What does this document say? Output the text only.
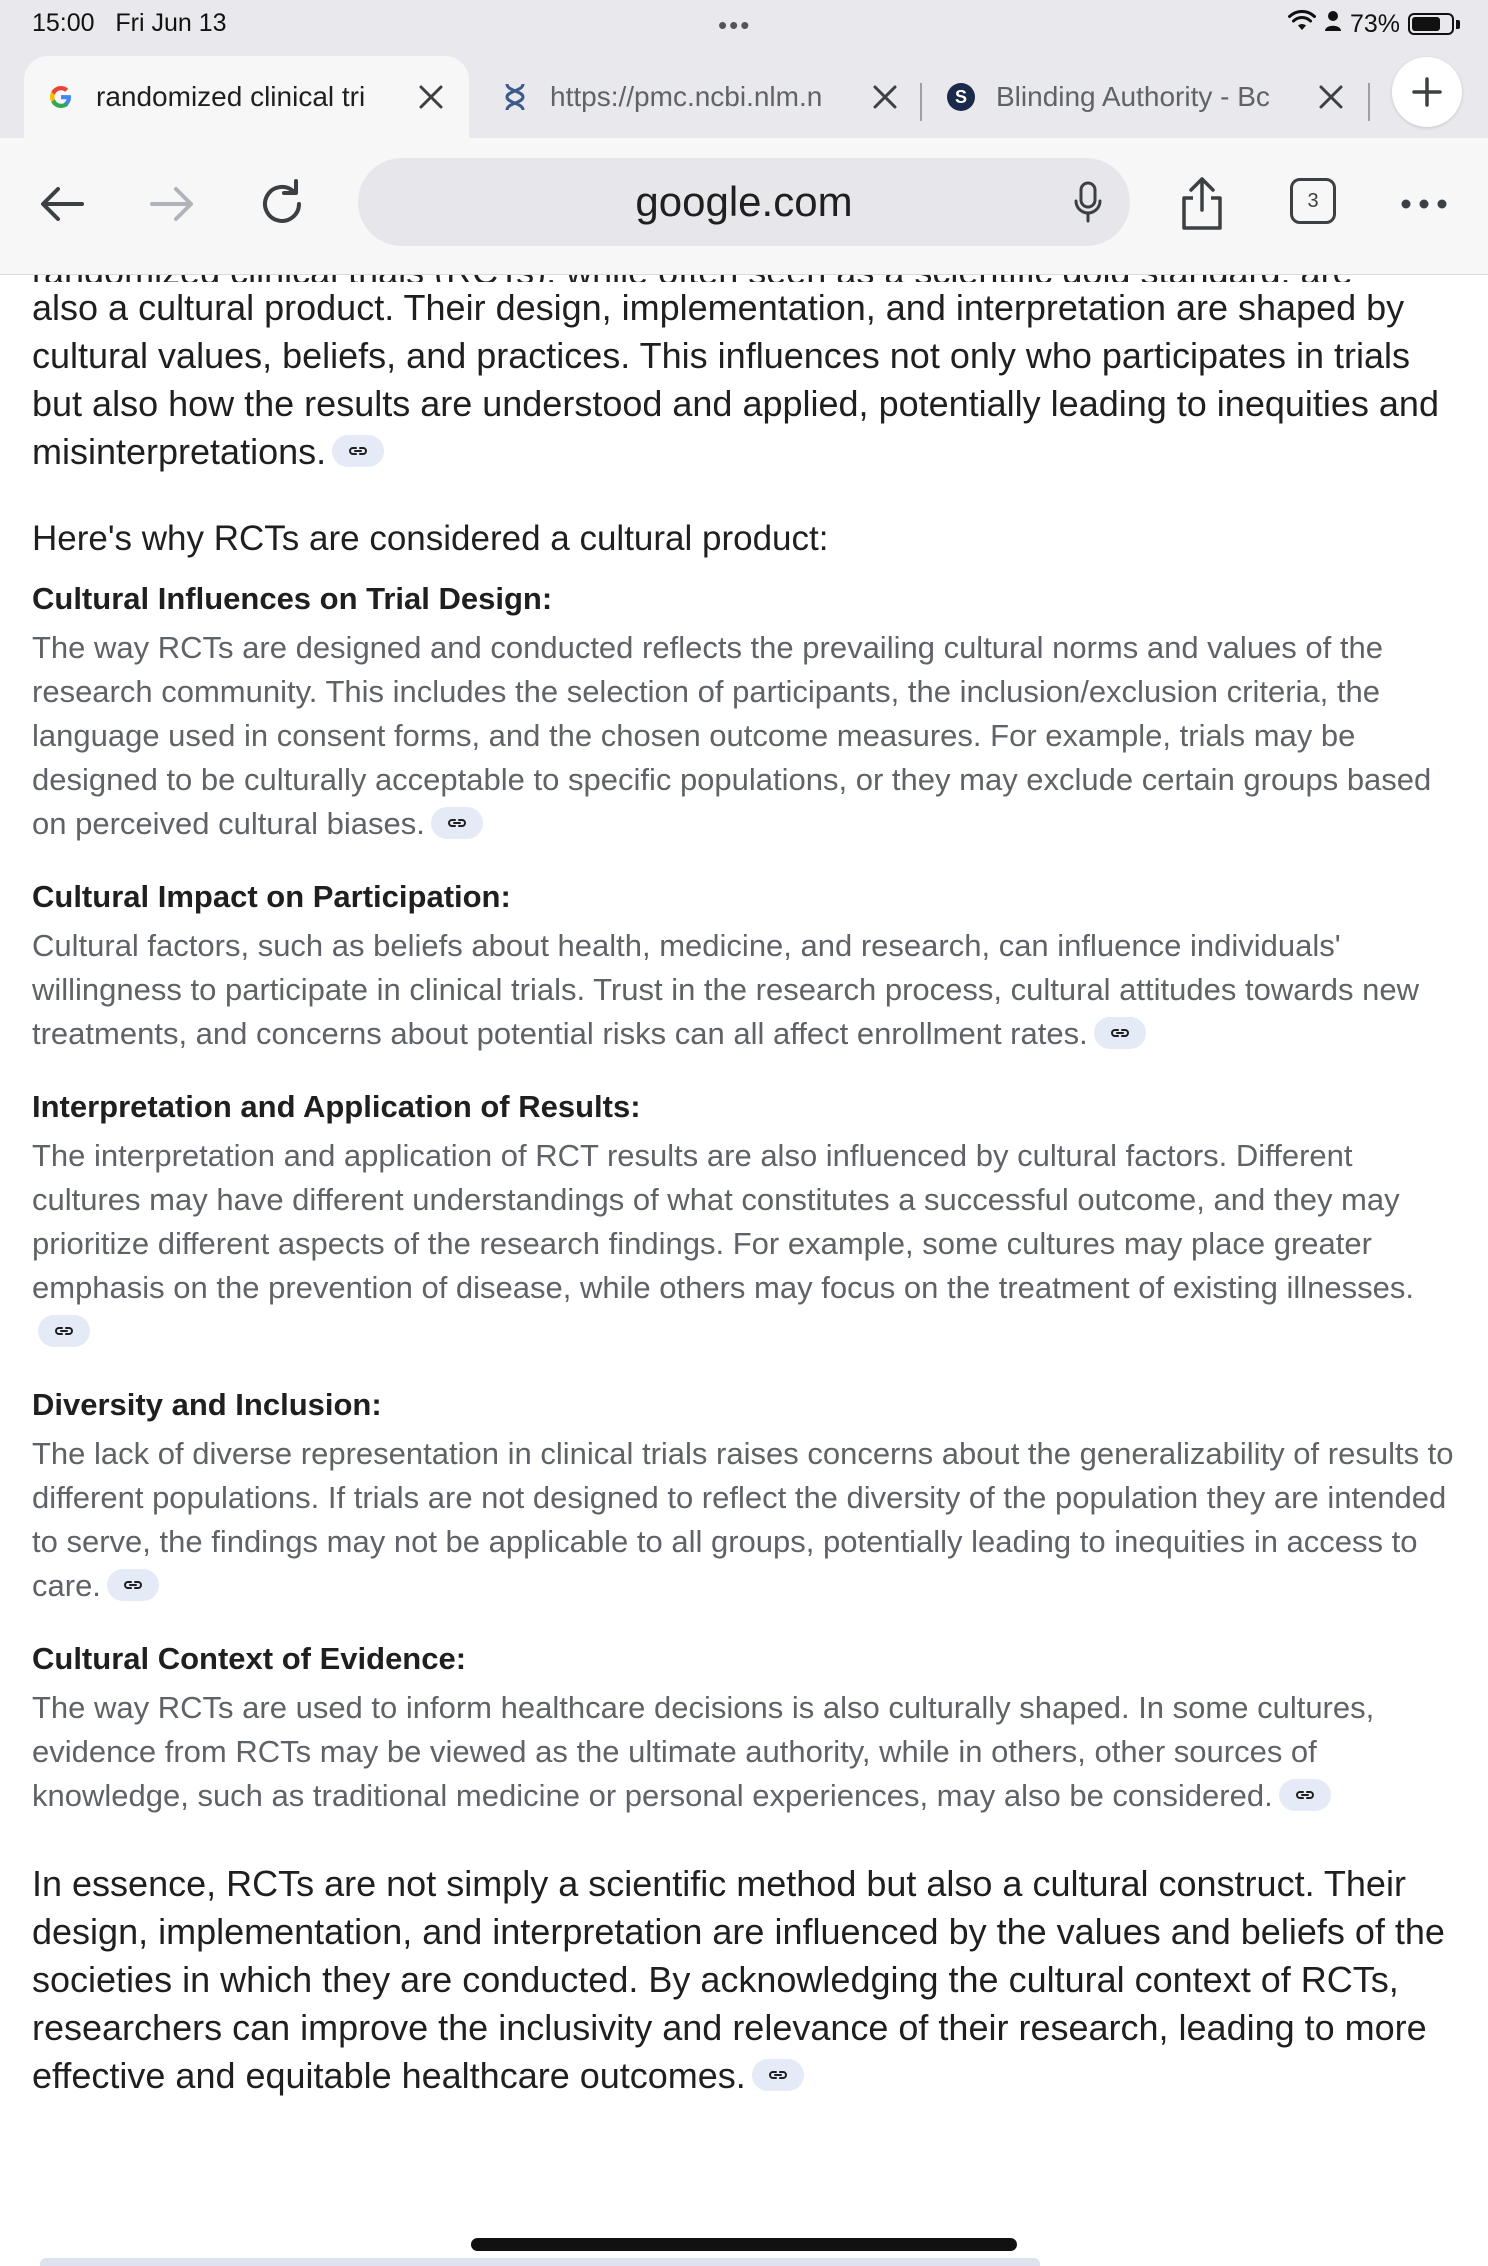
15:00 Fri Jun 13	•••	73%
randomized clinical tri	https://pmc.ncbi.nlm.n	S Blinding Authority - Bc
google.com	3

also a cultural product. Their design, implementation, and interpretation are shaped by cultural values, beliefs, and practices. This influences not only who participates in trials but also how the results are understood and applied, potentially leading to inequities and misinterpretations.

Here's why RCTs are considered a cultural product:
Cultural Influences on Trial Design:

The way RCTs are designed and conducted reflects the prevailing cultural norms and values of the research community. This includes the selection of participants, the inclusion/exclusion criteria, the language used in consent forms, and the chosen outcome measures. For example, trials may be designed to be culturally acceptable to specific populations, or they may exclude certain groups based on perceived cultural biases.

Cultural Impact on Participation:

Cultural factors, such as beliefs about health, medicine, and research, can influence individuals' willingness to participate in clinical trials. Trust in the research process, cultural attitudes towards new treatments, and concerns about potential risks can all affect enrollment rates.

Interpretation and Application of Results:

The interpretation and application of RCT results are also influenced by cultural factors. Different cultures may have different understandings of what constitutes a successful outcome, and they may prioritize different aspects of the research findings. For example, some cultures may place greater emphasis on the prevention of disease, while others may focus on the treatment of existing illnesses.

Diversity and Inclusion:

The lack of diverse representation in clinical trials raises concerns about the generalizability of results to different populations. If trials are not designed to reflect the diversity of the population they are intended to serve, the findings may not be applicable to all groups, potentially leading to inequities in access to care.

Cultural Context of Evidence:

The way RCTs are used to inform healthcare decisions is also culturally shaped. In some cultures, evidence from RCTs may be viewed as the ultimate authority, while in others, other sources of knowledge, such as traditional medicine or personal experiences, may also be considered.

In essence, RCTs are not simply a scientific method but also a cultural construct. Their design, implementation, and interpretation are influenced by the values and beliefs of the societies in which they are conducted. By acknowledging the cultural context of RCTs, researchers can improve the inclusivity and relevance of their research, leading to more effective and equitable healthcare outcomes.
